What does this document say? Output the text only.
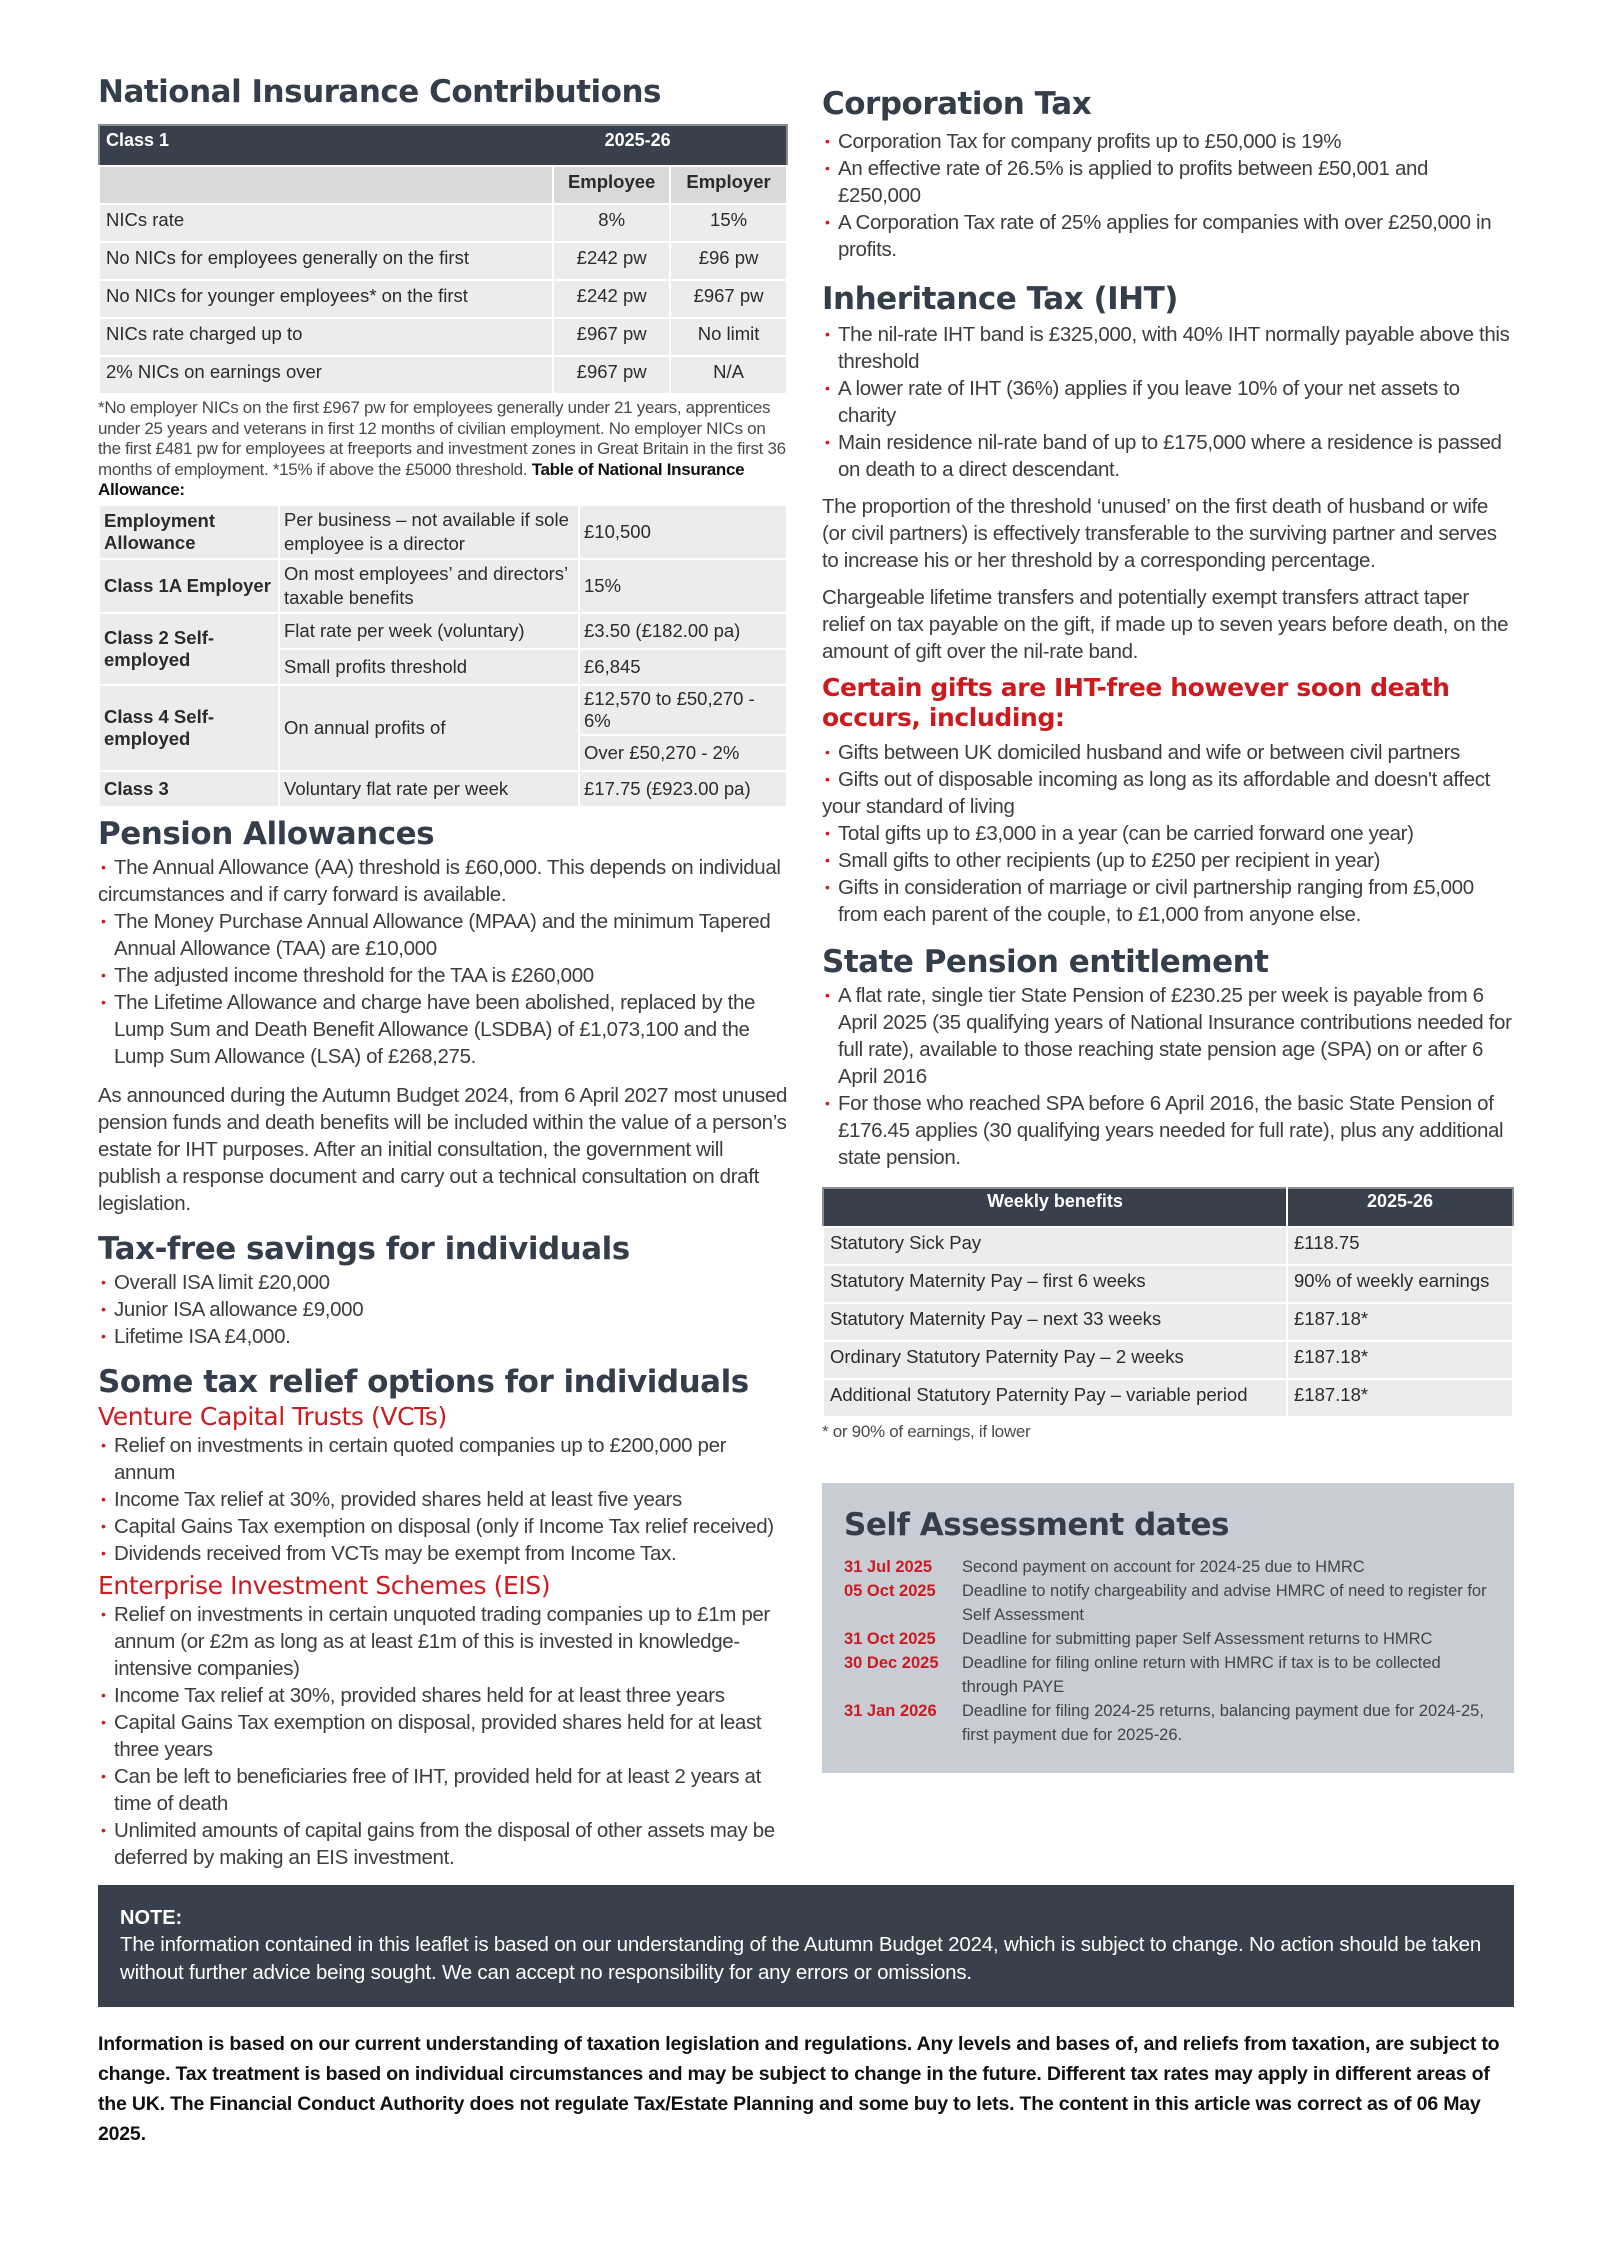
National Insurance Contributions
Class 1	2025-26	
	Employee	Employer
NICs rate	8%	15%
No NICs for employees generally on the first	£242 pw	£96 pw
No NICs for younger employees* on the first	£242 pw	£967 pw
NICs rate charged up to	£967 pw	No limit
2% NICs on earnings over	£967 pw	N/A

*No employer NICs on the first £967 pw for employees generally under 21 years, apprentices under 25 years and veterans in first 12 months of civilian employment. No employer NICs on the first £481 pw for employees at freeports and investment zones in Great Britain in the first 36 months of employment. *15% if above the £5000 threshold. Table of National Insurance Allowance:

Employment Allowance	Per business – not available if sole employee is a director	£10,500
Class 1A Employer	On most employees’ and directors’ taxable benefits	15%
Class 2 Self-employed	Flat rate per week (voluntary)	£3.50 (£182.00 pa)
	Small profits threshold	£6,845
Class 4 Self-employed	On annual profits of	£12,570 to £50,270 - 6%
		Over £50,270 - 2%
Class 3	Voluntary flat rate per week	£17.75 (£923.00 pa)
Pension Allowances
• The Annual Allowance (AA) threshold is £60,000. This depends on individual circumstances and if carry forward is available.
• The Money Purchase Annual Allowance (MPAA) and the minimum Tapered Annual Allowance (TAA) are £10,000
• The adjusted income threshold for the TAA is £260,000
• The Lifetime Allowance and charge have been abolished, replaced by the Lump Sum and Death Benefit Allowance (LSDBA) of £1,073,100 and the Lump Sum Allowance (LSA) of £268,275.

As announced during the Autumn Budget 2024, from 6 April 2027 most unused pension funds and death benefits will be included within the value of a person’s estate for IHT purposes. After an initial consultation, the government will publish a response document and carry out a technical consultation on draft legislation.

Tax-free savings for individuals
• Overall ISA limit £20,000
• Junior ISA allowance £9,000
• Lifetime ISA £4,000.
Some tax relief options for individuals
Venture Capital Trusts (VCTs)
• Relief on investments in certain quoted companies up to £200,000 per annum
• Income Tax relief at 30%, provided shares held at least five years
• Capital Gains Tax exemption on disposal (only if Income Tax relief received)
• Dividends received from VCTs may be exempt from Income Tax.
Enterprise Investment Schemes (EIS)
• Relief on investments in certain unquoted trading companies up to £1m per annum (or £2m as long as at least £1m of this is invested in knowledge-intensive companies)
• Income Tax relief at 30%, provided shares held for at least three years
• Capital Gains Tax exemption on disposal, provided shares held for at least three years
• Can be left to beneficiaries free of IHT, provided held for at least 2 years at time of death
• Unlimited amounts of capital gains from the disposal of other assets may be deferred by making an EIS investment.
Corporation Tax
• Corporation Tax for company profits up to £50,000 is 19%
• An effective rate of 26.5% is applied to profits between £50,001 and £250,000
• A Corporation Tax rate of 25% applies for companies with over £250,000 in profits.
Inheritance Tax (IHT)
• The nil-rate IHT band is £325,000, with 40% IHT normally payable above this threshold
• A lower rate of IHT (36%) applies if you leave 10% of your net assets to charity
• Main residence nil-rate band of up to £175,000 where a residence is passed on death to a direct descendant.

The proportion of the threshold ‘unused’ on the first death of husband or wife (or civil partners) is effectively transferable to the surviving partner and serves to increase his or her threshold by a corresponding percentage.

Chargeable lifetime transfers and potentially exempt transfers attract taper relief on tax payable on the gift, if made up to seven years before death, on the amount of gift over the nil-rate band.

Certain gifts are IHT-free however soon death occurs, including:
• Gifts between UK domiciled husband and wife or between civil partners
• Gifts out of disposable incoming as long as its affordable and doesn't affect your standard of living
• Total gifts up to £3,000 in a year (can be carried forward one year)
• Small gifts to other recipients (up to £250 per recipient in year)
• Gifts in consideration of marriage or civil partnership ranging from £5,000 from each parent of the couple, to £1,000 from anyone else.
State Pension entitlement
• A flat rate, single tier State Pension of £230.25 per week is payable from 6 April 2025 (35 qualifying years of National Insurance contributions needed for full rate), available to those reaching state pension age (SPA) on or after 6 April 2016
• For those who reached SPA before 6 April 2016, the basic State Pension of £176.45 applies (30 qualifying years needed for full rate), plus any additional state pension.
Weekly benefits	2025-26
Statutory Sick Pay	£118.75
Statutory Maternity Pay – first 6 weeks	90% of weekly earnings
Statutory Maternity Pay – next 33 weeks	£187.18*
Ordinary Statutory Paternity Pay – 2 weeks	£187.18*
Additional Statutory Paternity Pay – variable period	£187.18*

* or 90% of earnings, if lower

Self Assessment dates
31 Jul 2025	Second payment on account for 2024-25 due to HMRC
05 Oct 2025	Deadline to notify chargeability and advise HMRC of need to register for Self Assessment
31 Oct 2025	Deadline for submitting paper Self Assessment returns to HMRC
30 Dec 2025	Deadline for filing online return with HMRC if tax is to be collected through PAYE
31 Jan 2026	Deadline for filing 2024-25 returns, balancing payment due for 2024-25, first payment due for 2025-26.
NOTE:
The information contained in this leaflet is based on our understanding of the Autumn Budget 2024, which is subject to change. No action should be taken without further advice being sought. We can accept no responsibility for any errors or omissions.
Information is based on our current understanding of taxation legislation and regulations. Any levels and bases of, and reliefs from taxation, are subject to change. Tax treatment is based on individual circumstances and may be subject to change in the future. Different tax rates may apply in different areas of the UK. The Financial Conduct Authority does not regulate Tax/Estate Planning and some buy to lets. The content in this article was correct as of 06 May 2025.
